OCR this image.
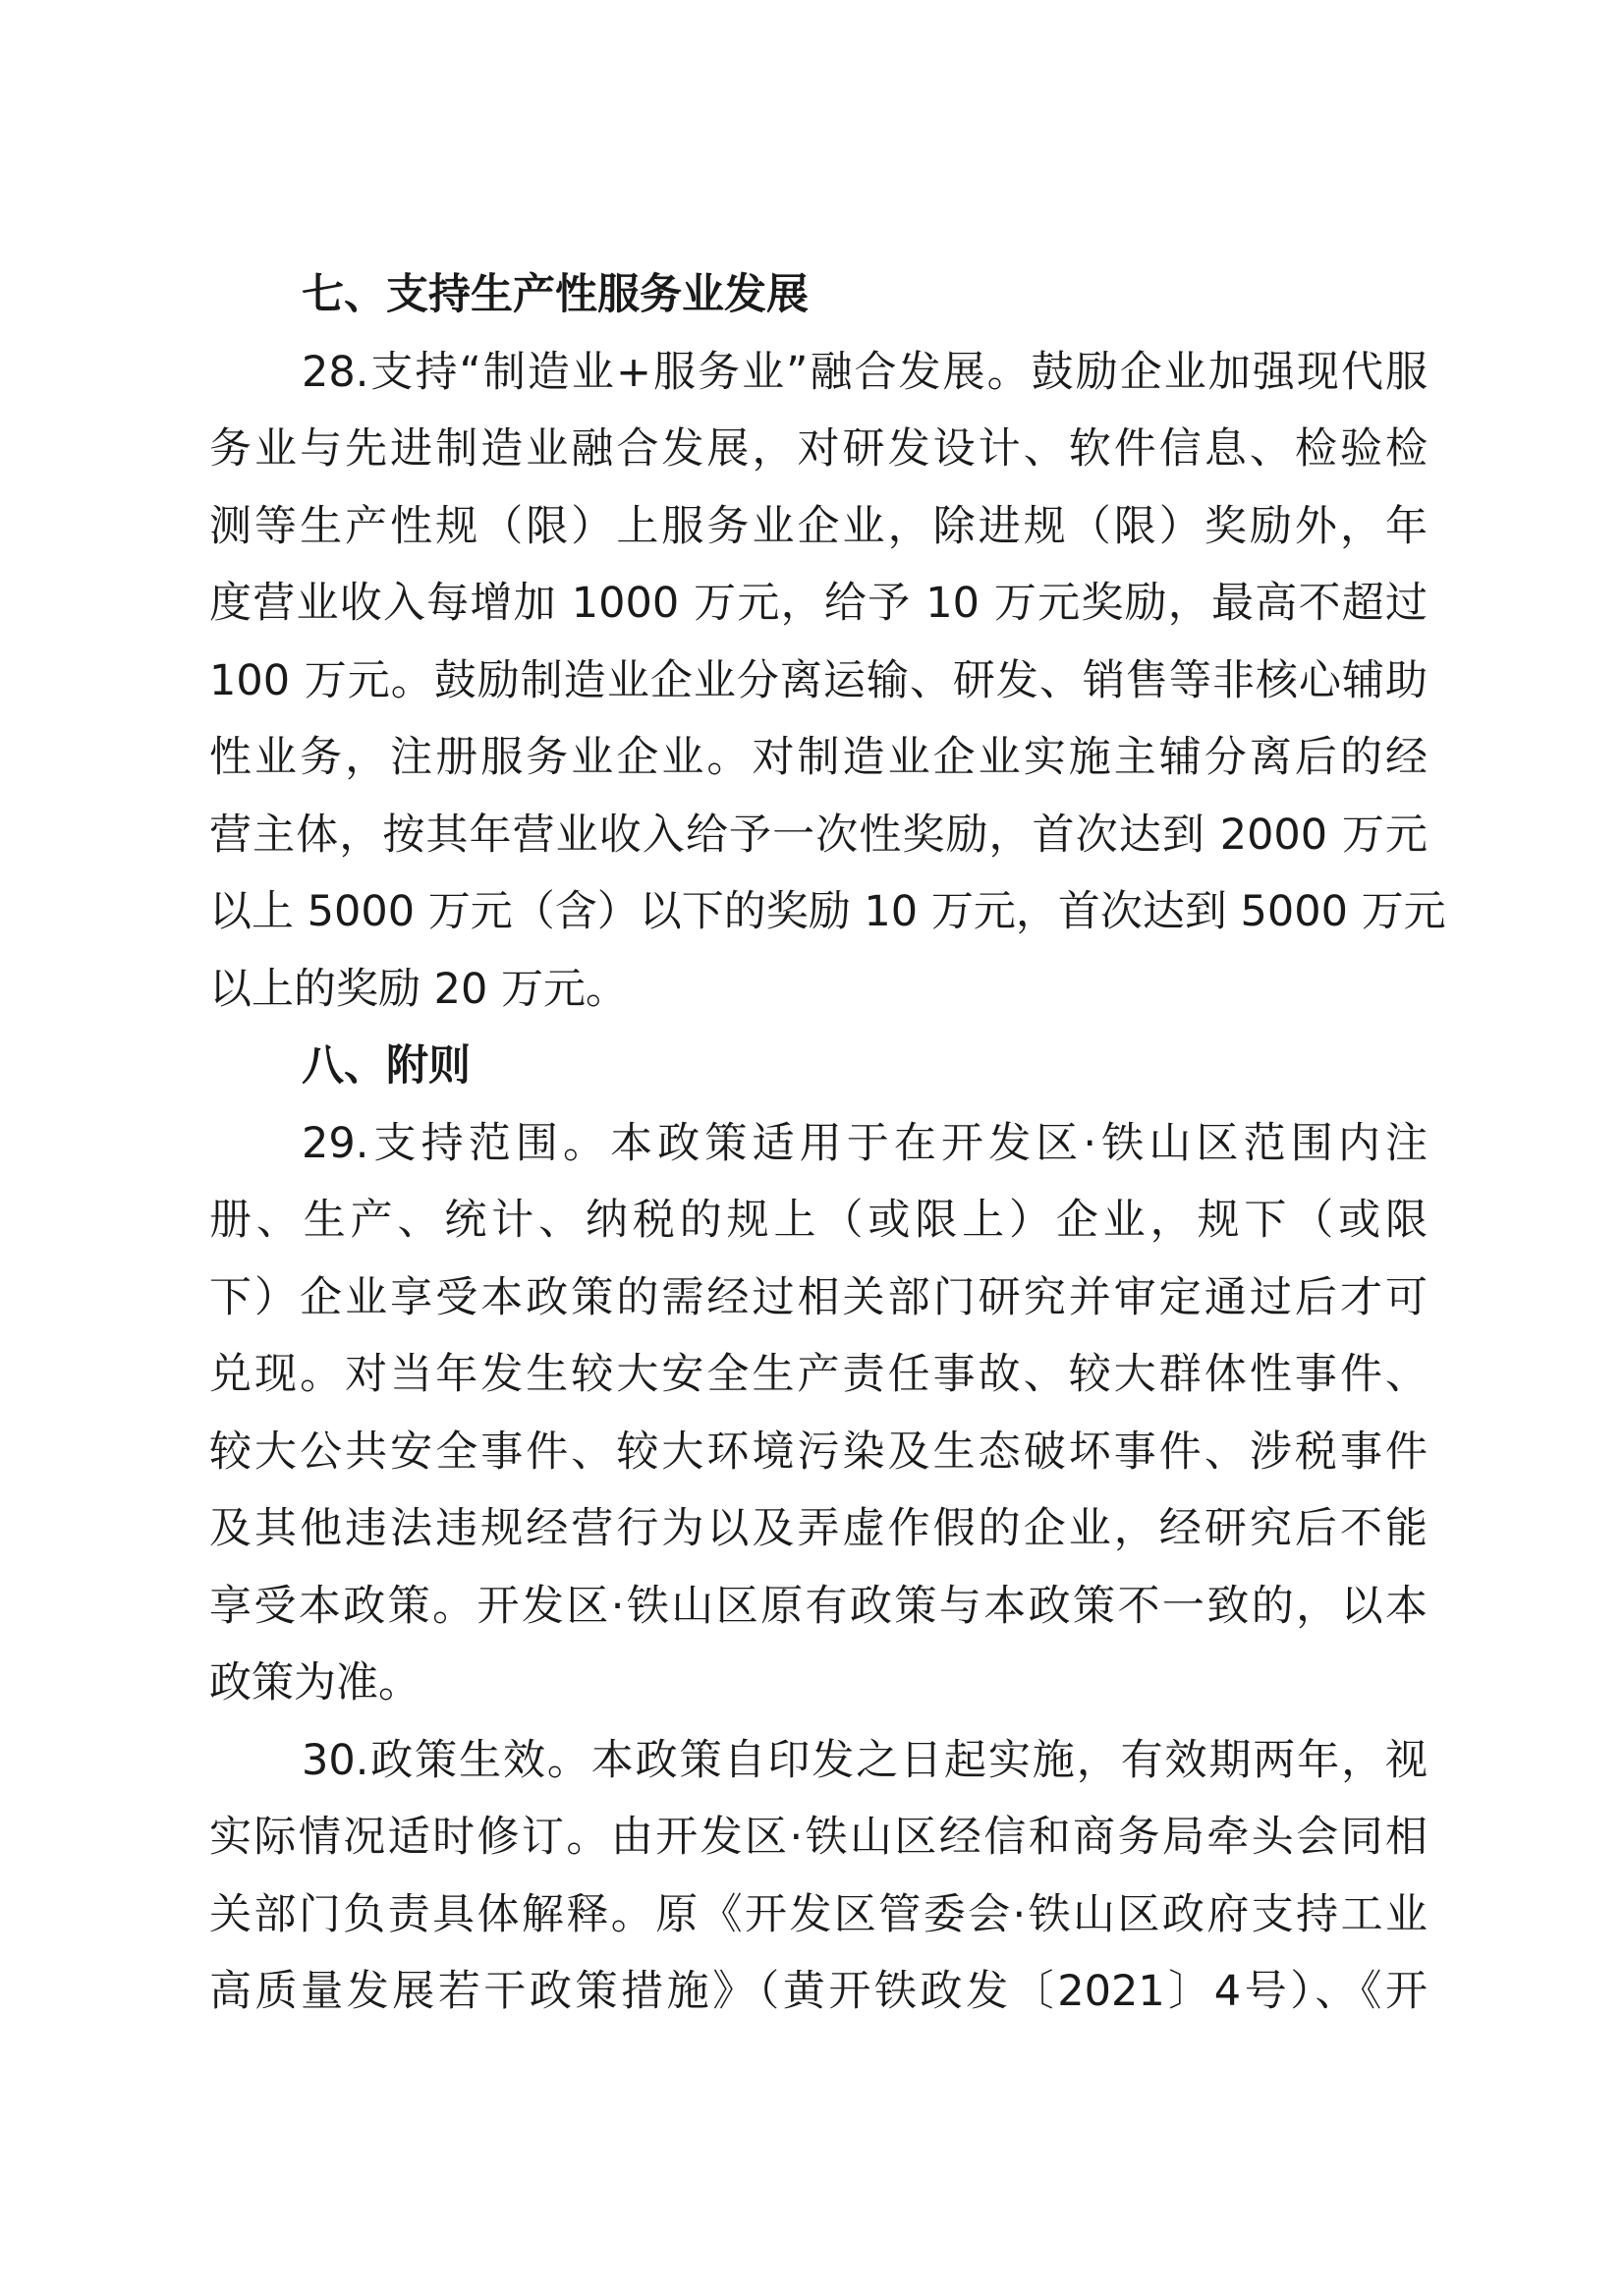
七、支持生产性服务业发展
28.支持“制造业+服务业”融合发展。鼓励企业加强现代服
务业与先进制造业融合发展，对研发设计、软件信息、检验检
测等生产性规（限）上服务业企业，除进规（限）奖励外，年
度营业收入每增加 1000 万元，给予 10 万元奖励，最高不超过
100 万元。鼓励制造业企业分离运输、研发、销售等非核心辅助
性业务，注册服务业企业。对制造业企业实施主辅分离后的经
营主体，按其年营业收入给予一次性奖励，首次达到 2000 万元
以上 5000 万元（含）以下的奖励 10 万元，首次达到 5000 万元
以上的奖励 20 万元。
八、附则
29.支持范围。本政策适用于在开发区·铁山区范围内注
册、生产、统计、纳税的规上（或限上）企业，规下（或限
下）企业享受本政策的需经过相关部门研究并审定通过后才可
兑现。对当年发生较大安全生产责任事故、较大群体性事件、
较大公共安全事件、较大环境污染及生态破坏事件、涉税事件
及其他违法违规经营行为以及弄虚作假的企业，经研究后不能
享受本政策。开发区·铁山区原有政策与本政策不一致的，以本
政策为准。
30.政策生效。本政策自印发之日起实施，有效期两年，视
实际情况适时修订。由开发区·铁山区经信和商务局牵头会同相
关部门负责具体解释。原《开发区管委会·铁山区政府支持工业
高质量发展若干政策措施》（黄开铁政发〔2021〕4号）、《开
